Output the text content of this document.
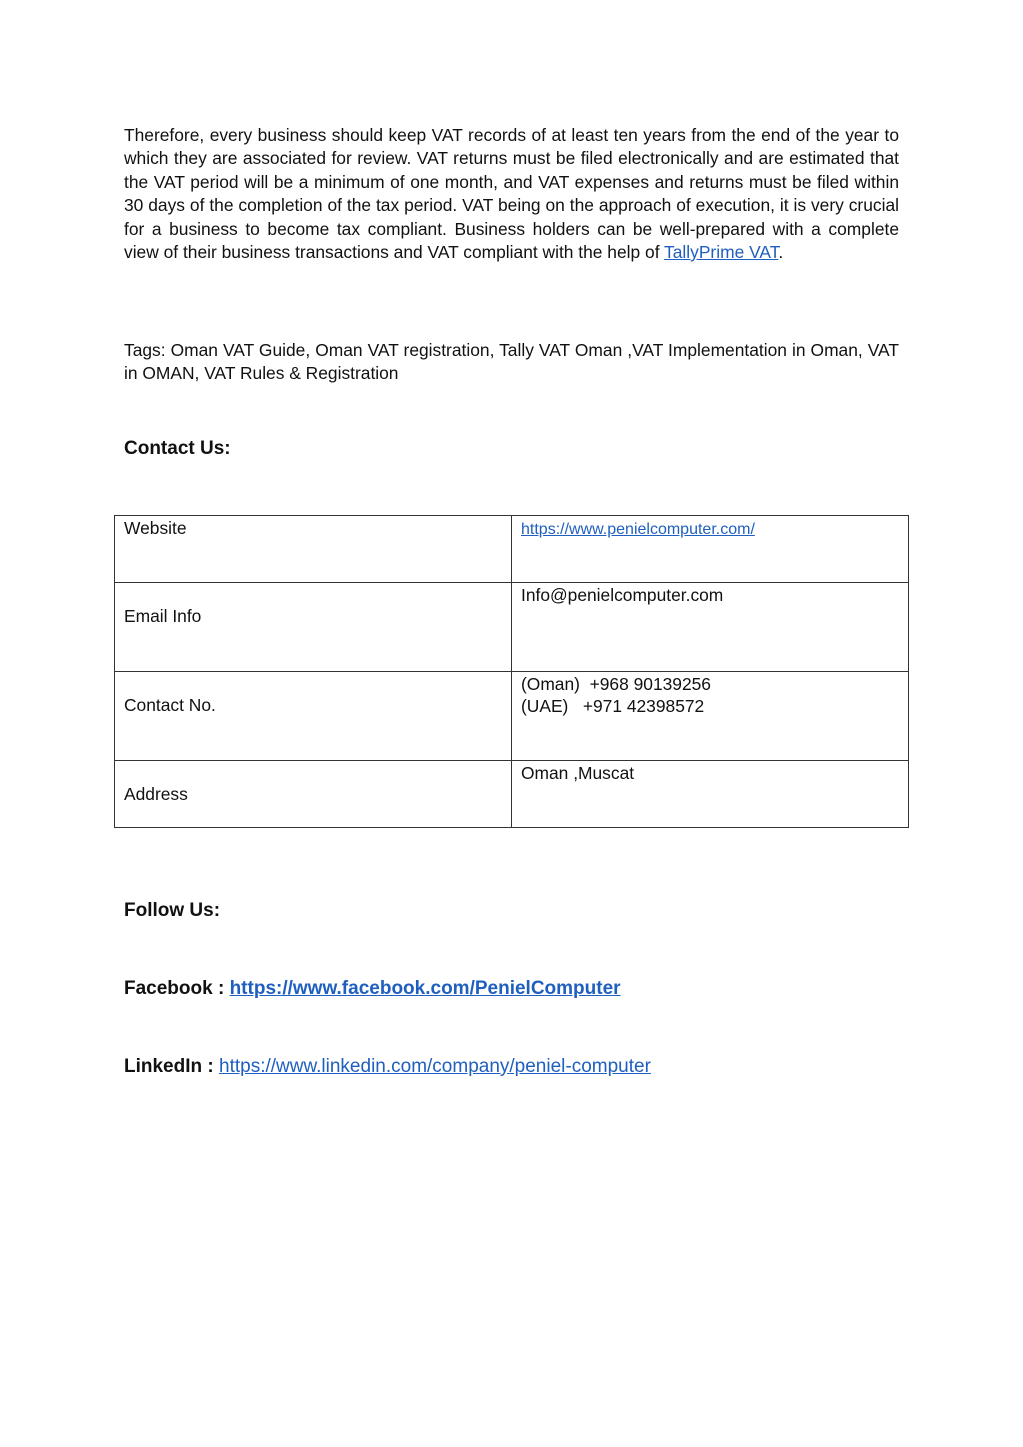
Therefore, every business should keep VAT records of at least ten years from the end of the year to which they are associated for review. VAT returns must be filed electronically and are estimated that the VAT period will be a minimum of one month, and VAT expenses and returns must be filed within 30 days of the completion of the tax period. VAT being on the approach of execution, it is very crucial for a business to become tax compliant. Business holders can be well-prepared with a complete view of their business transactions and VAT compliant with the help of TallyPrime VAT.

Tags: Oman VAT Guide, Oman VAT registration, Tally VAT Oman ,VAT Implementation in Oman, VAT in OMAN, VAT Rules & Registration

Contact Us:
Website	https://www.penielcomputer.com/

Email Info	Info@penielcomputer.com

Contact No.	(Oman)  +968 90139256
(UAE)   +971 42398572

Address	Oman ,Muscat
Follow Us:

Facebook : https://www.facebook.com/PenielComputer

LinkedIn : https://www.linkedin.com/company/peniel-computer
